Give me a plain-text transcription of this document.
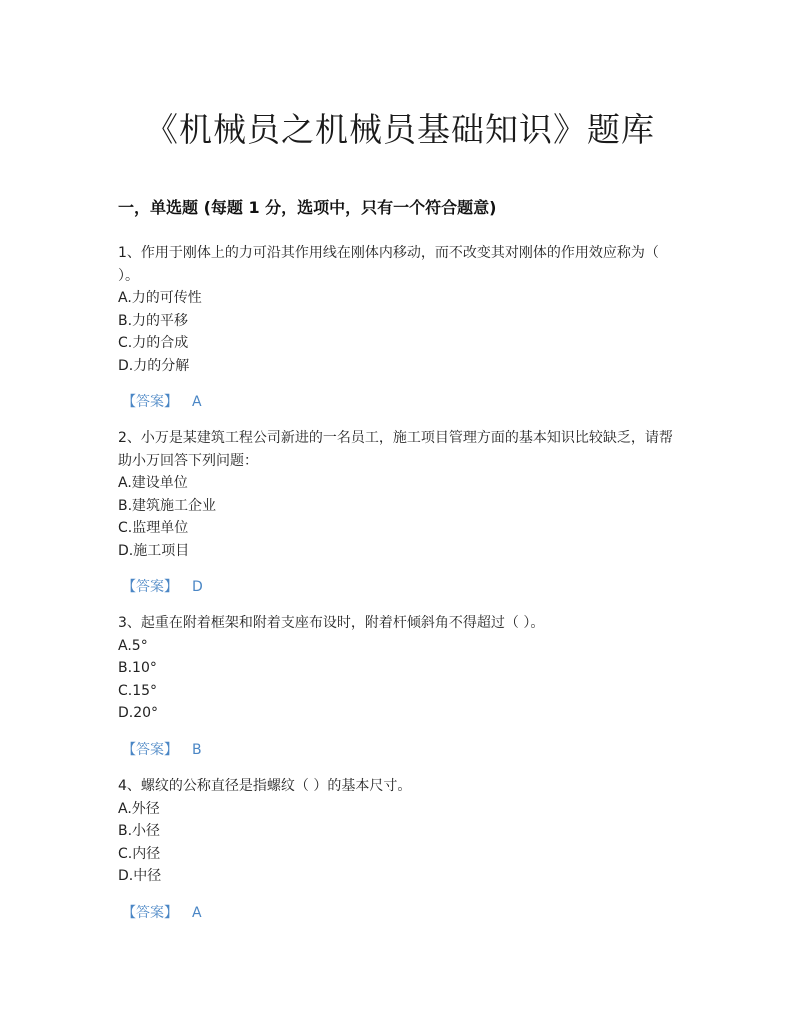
《机械员之机械员基础知识》题库
一，单选题 (每题 1 分，选项中，只有一个符合题意)

1、作用于刚体上的力可沿其作用线在刚体内移动，而不改变其对刚体的作用效应称为（ ）。

A.力的可传性

B.力的平移

C.力的合成

D.力的分解

【答案】 A

2、小万是某建筑工程公司新进的一名员工，施工项目管理方面的基本知识比较缺乏，请帮助小万回答下列问题：

A.建设单位

B.建筑施工企业

C.监理单位

D.施工项目

【答案】 D

3、起重在附着框架和附着支座布设时，附着杆倾斜角不得超过（ ）。

A.5°

B.10°

C.15°

D.20°

【答案】 B

4、螺纹的公称直径是指螺纹（ ）的基本尺寸。

A.外径

B.小径

C.内径

D.中径

【答案】 A
